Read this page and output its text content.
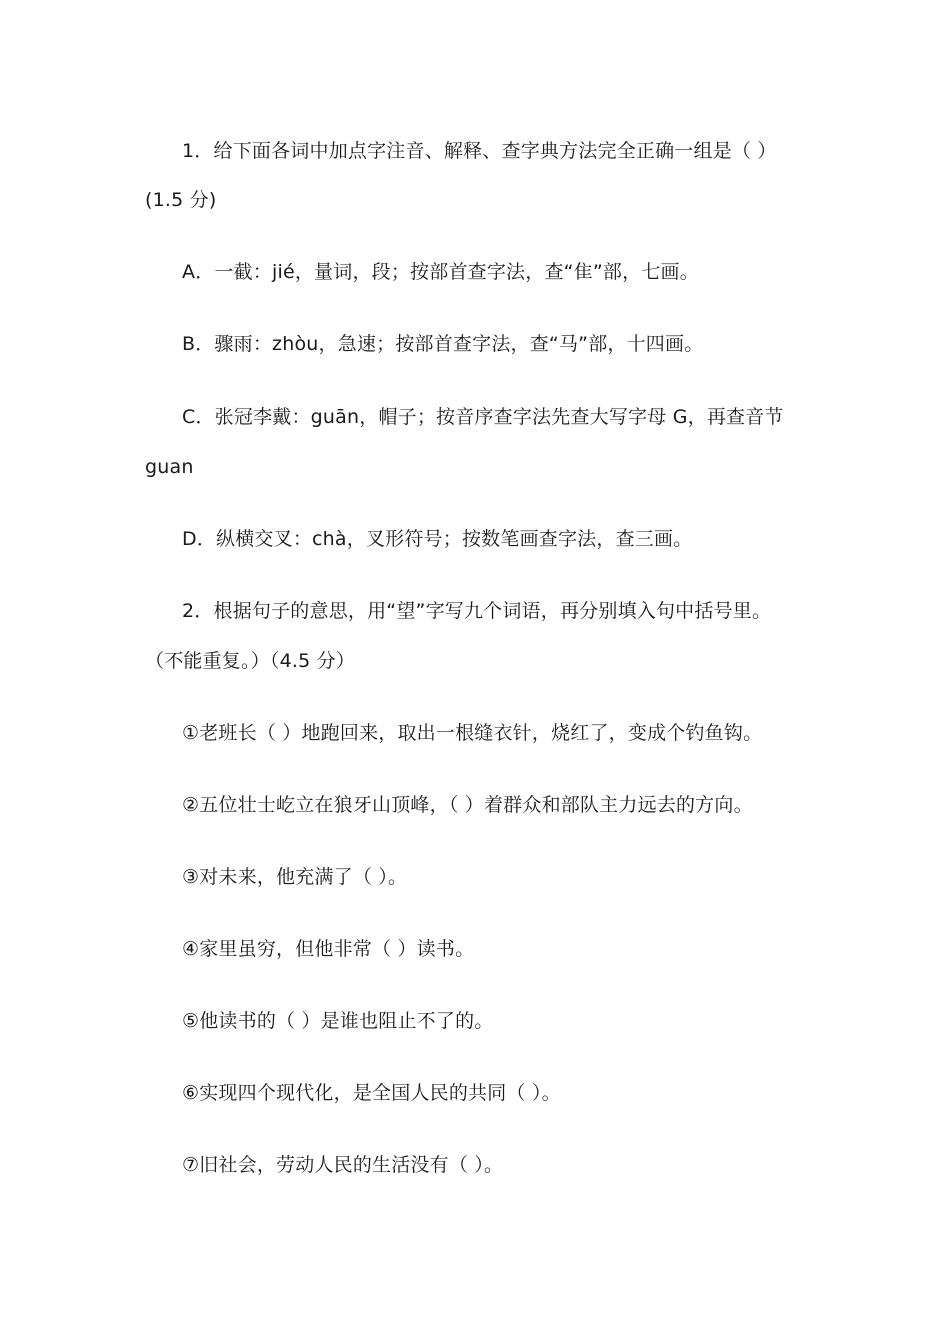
1．给下面各词中加点字注音、解释、查字典方法完全正确一组是（ ）
(1.5 分)
A．一截：jié，量词，段；按部首查字法，查“隹”部，七画。
B．骤雨：zhòu，急速；按部首查字法，查“马”部，十四画。
C．张冠李戴：guān，帽子；按音序查字法先查大写字母 G，再查音节
guan
D．纵横交叉：chà，叉形符号；按数笔画查字法，查三画。
2．根据句子的意思，用“望”字写九个词语，再分别填入句中括号里。
（不能重复。）（4.5 分）
①老班长（ ）地跑回来，取出一根缝衣针，烧红了，变成个钓鱼钩。
②五位壮士屹立在狼牙山顶峰，（ ）着群众和部队主力远去的方向。
③对未来，他充满了（ ）。
④家里虽穷，但他非常（ ）读书。
⑤他读书的（ ）是谁也阻止不了的。
⑥实现四个现代化，是全国人民的共同（ ）。
⑦旧社会，劳动人民的生活没有（ ）。
